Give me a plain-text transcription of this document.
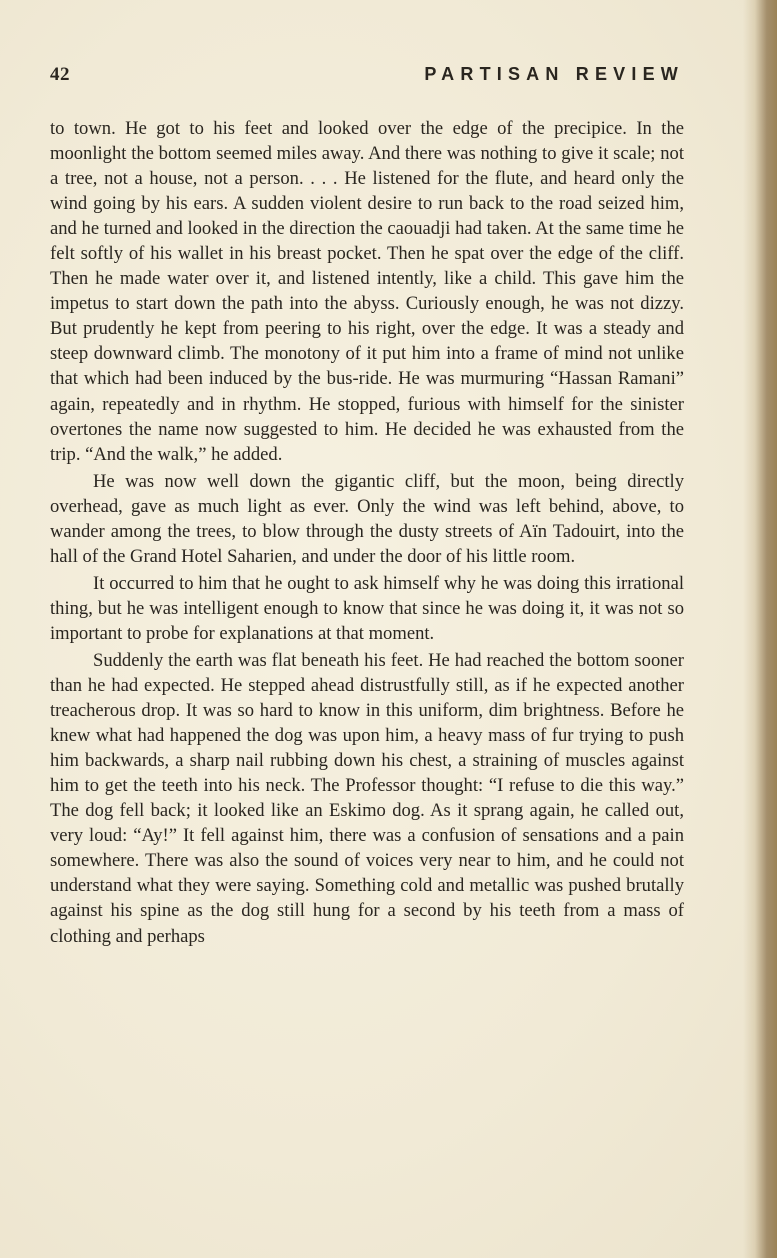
42	PARTISAN REVIEW

to town. He got to his feet and looked over the edge of the precipice. In the moonlight the bottom seemed miles away. And there was nothing to give it scale; not a tree, not a house, not a person. . . . He listened for the flute, and heard only the wind going by his ears. A sudden violent desire to run back to the road seized him, and he turned and looked in the direction the caouadji had taken. At the same time he felt softly of his wallet in his breast pocket. Then he spat over the edge of the cliff. Then he made water over it, and listened intently, like a child. This gave him the impetus to start down the path into the abyss. Curiously enough, he was not dizzy. But prudently he kept from peering to his right, over the edge. It was a steady and steep downward climb. The monotony of it put him into a frame of mind not unlike that which had been induced by the bus-ride. He was murmuring “Hassan Ramani” again, repeatedly and in rhythm. He stopped, furious with himself for the sinister overtones the name now suggested to him. He decided he was exhausted from the trip. “And the walk,” he added.

He was now well down the gigantic cliff, but the moon, being directly overhead, gave as much light as ever. Only the wind was left behind, above, to wander among the trees, to blow through the dusty streets of Aïn Tadouirt, into the hall of the Grand Hotel Saharien, and under the door of his little room.

It occurred to him that he ought to ask himself why he was doing this irrational thing, but he was intelligent enough to know that since he was doing it, it was not so important to probe for explanations at that moment.

Suddenly the earth was flat beneath his feet. He had reached the bottom sooner than he had expected. He stepped ahead distrustfully still, as if he expected another treacherous drop. It was so hard to know in this uniform, dim brightness. Before he knew what had happened the dog was upon him, a heavy mass of fur trying to push him backwards, a sharp nail rubbing down his chest, a straining of muscles against him to get the teeth into his neck. The Professor thought: “I refuse to die this way.” The dog fell back; it looked like an Eskimo dog. As it sprang again, he called out, very loud: “Ay!” It fell against him, there was a confusion of sensations and a pain somewhere. There was also the sound of voices very near to him, and he could not understand what they were saying. Something cold and metallic was pushed brutally against his spine as the dog still hung for a second by his teeth from a mass of clothing and perhaps
